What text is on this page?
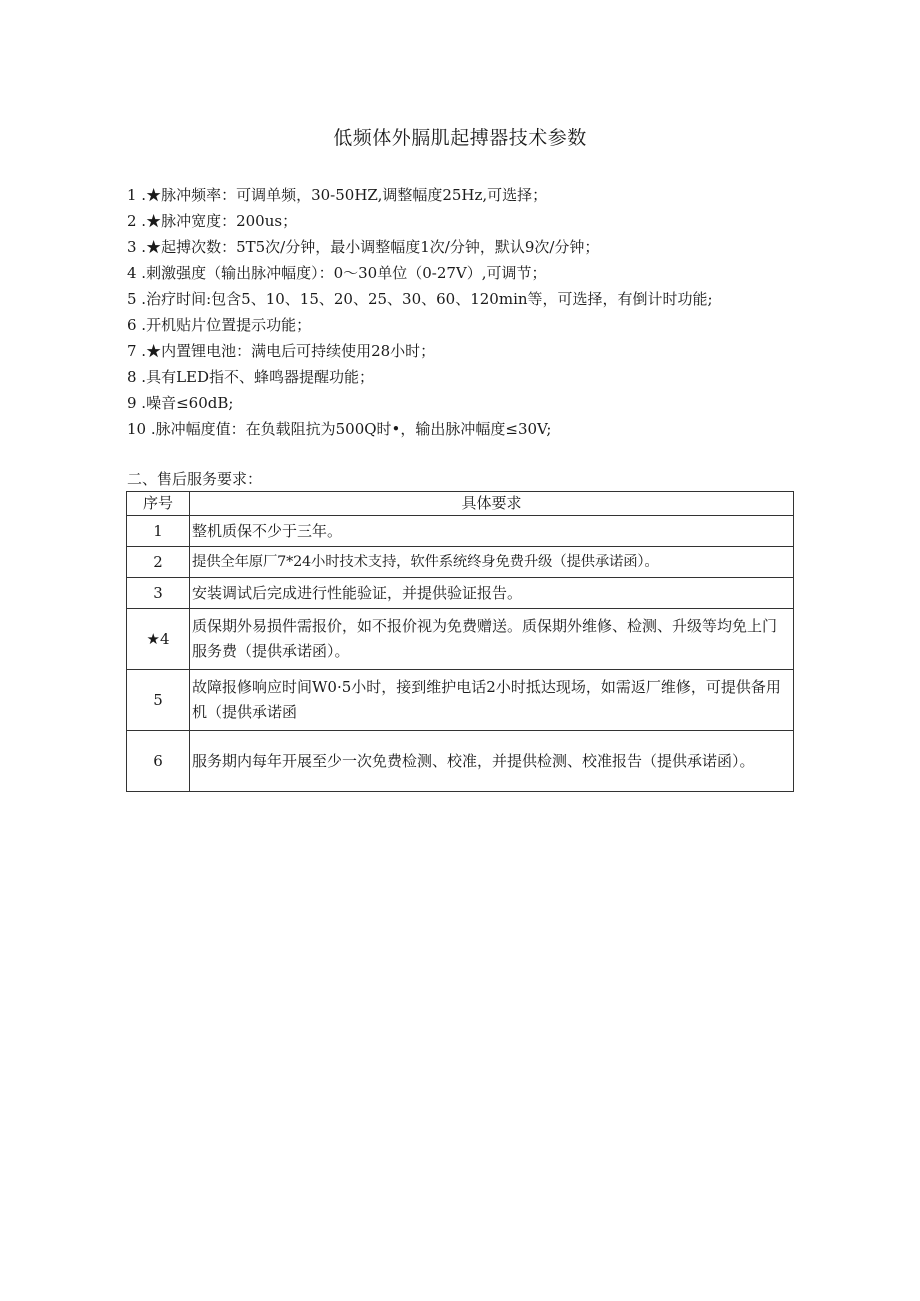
低频体外膈肌起搏器技术参数
1 . ★脉冲频率：可调单频，30-50HZ,调整幅度25Hz,可选择；
2 . ★脉冲宽度：200us；
3 . ★起搏次数：5T5次/分钟，最小调整幅度1次/分钟，默认9次/分钟；
4 . 刺激强度（输出脉冲幅度）：0～30单位（0-27V）,可调节；
5 . 治疗时间:包含5、10、15、20、25、30、60、120min等，可选择，有倒计时功能;
6 . 开机贴片位置提示功能；
7 . ★内置锂电池：满电后可持续使用28小时；
8 . 具有LED指不、蜂鸣器提醒功能；
9 . 噪音≤60dB;
10 . 脉冲幅度值：在负载阻抗为500Q时•，输出脉冲幅度≤30V;
二、售后服务要求：
序号	具体要求
1	整机质保不少于三年。
2	提供全年原厂7*24小时技术支持，软件系统终身免费升级（提供承诺函）。
3	安装调试后完成进行性能验证，并提供验证报告。
★4	质保期外易损件需报价，如不报价视为免费赠送。质保期外维修、检测、升级等均免上门服务费（提供承诺函）。
5	故障报修响应时间W0·5小时，接到维护电话2小时抵达现场，如需返厂维修，可提供备用机（提供承诺函
6	服务期内每年开展至少一次免费检测、校准，并提供检测、校准报告（提供承诺函）。
